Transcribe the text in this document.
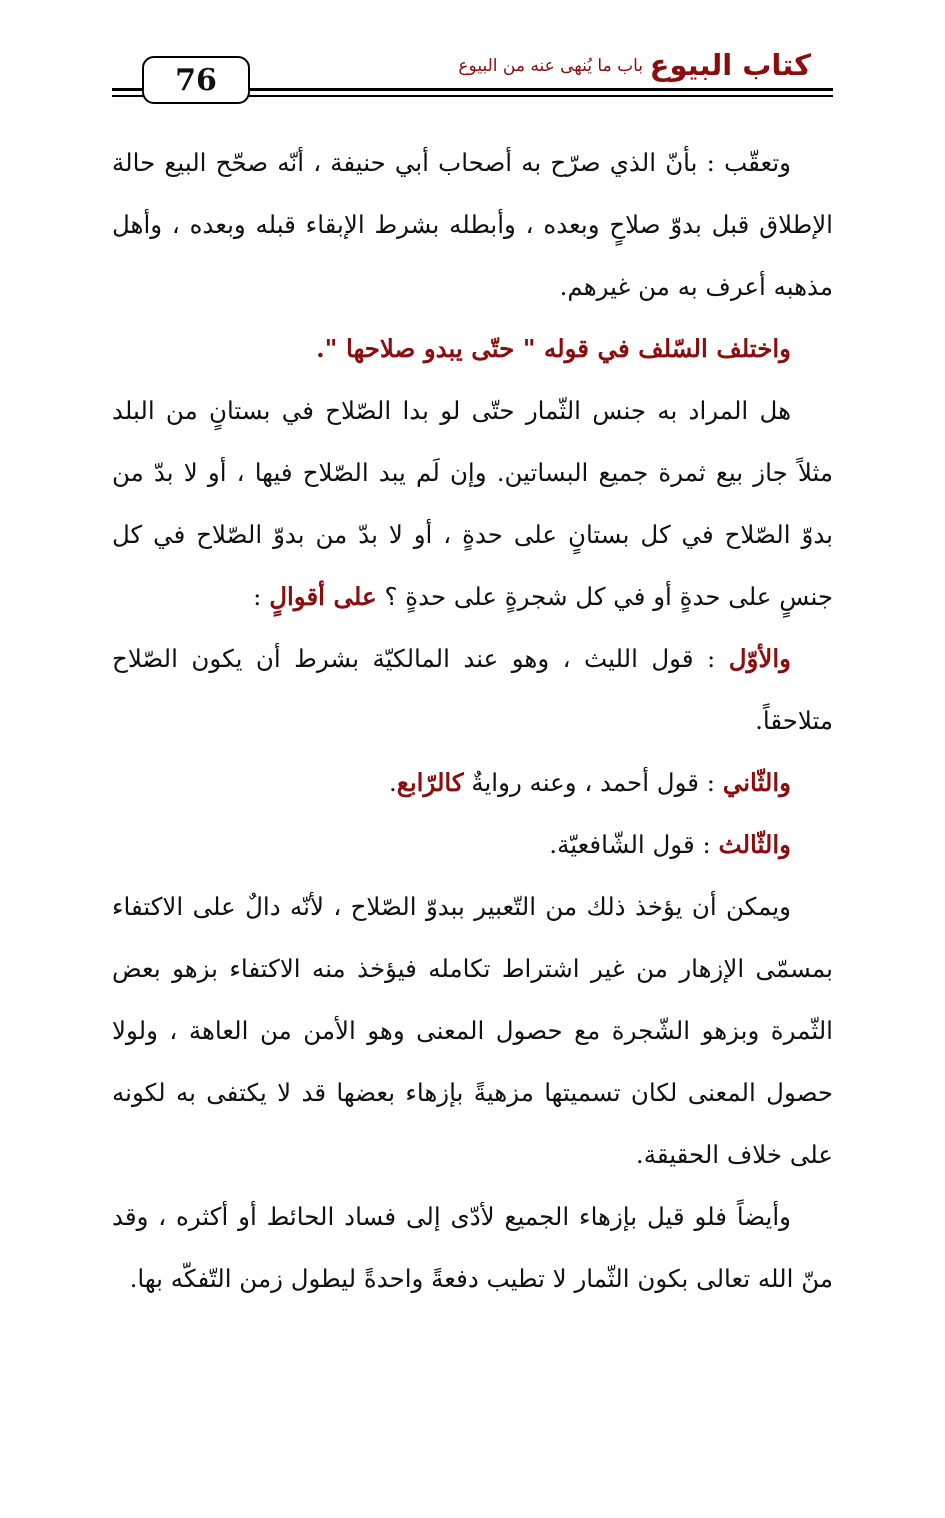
76	كتاب البيوع
باب ما يُنهى عنه من البيوع

وتعقّب : بأنّ الذي صرّح به أصحاب أبي حنيفة ، أنّه صحّح البيع حالة الإطلاق قبل بدوّ صلاحٍ وبعده ، وأبطله بشرط الإبقاء قبله وبعده ، وأهل مذهبه أعرف به من غيرهم.

واختلف السّلف في قوله " حتّى يبدو صلاحها ".

هل المراد به جنس الثّمار حتّى لو بدا الصّلاح في بستانٍ من البلد مثلاً جاز بيع ثمرة جميع البساتين. وإن لَم يبد الصّلاح فيها ، أو لا بدّ من بدوّ الصّلاح في كل بستانٍ على حدةٍ ، أو لا بدّ من بدوّ الصّلاح في كل جنسٍ على حدةٍ أو في كل شجرةٍ على حدةٍ ؟ على أقوالٍ :

والأوّل : قول الليث ، وهو عند المالكيّة بشرط أن يكون الصّلاح متلاحقاً.

والثّاني : قول أحمد ، وعنه روايةٌ كالرّابع.

والثّالث : قول الشّافعيّة.

ويمكن أن يؤخذ ذلك من التّعبير ببدوّ الصّلاح ، لأنّه دالٌ على الاكتفاء بمسمّى الإزهار من غير اشتراط تكامله فيؤخذ منه الاكتفاء بزهو بعض الثّمرة وبزهو الشّجرة مع حصول المعنى وهو الأمن من العاهة ، ولولا حصول المعنى لكان تسميتها مزهيةً بإزهاء بعضها قد لا يكتفى به لكونه على خلاف الحقيقة.

وأيضاً فلو قيل بإزهاء الجميع لأدّى إلى فساد الحائط أو أكثره ، وقد منّ الله تعالى بكون الثّمار لا تطيب دفعةً واحدةً ليطول زمن التّفكّه بها.
